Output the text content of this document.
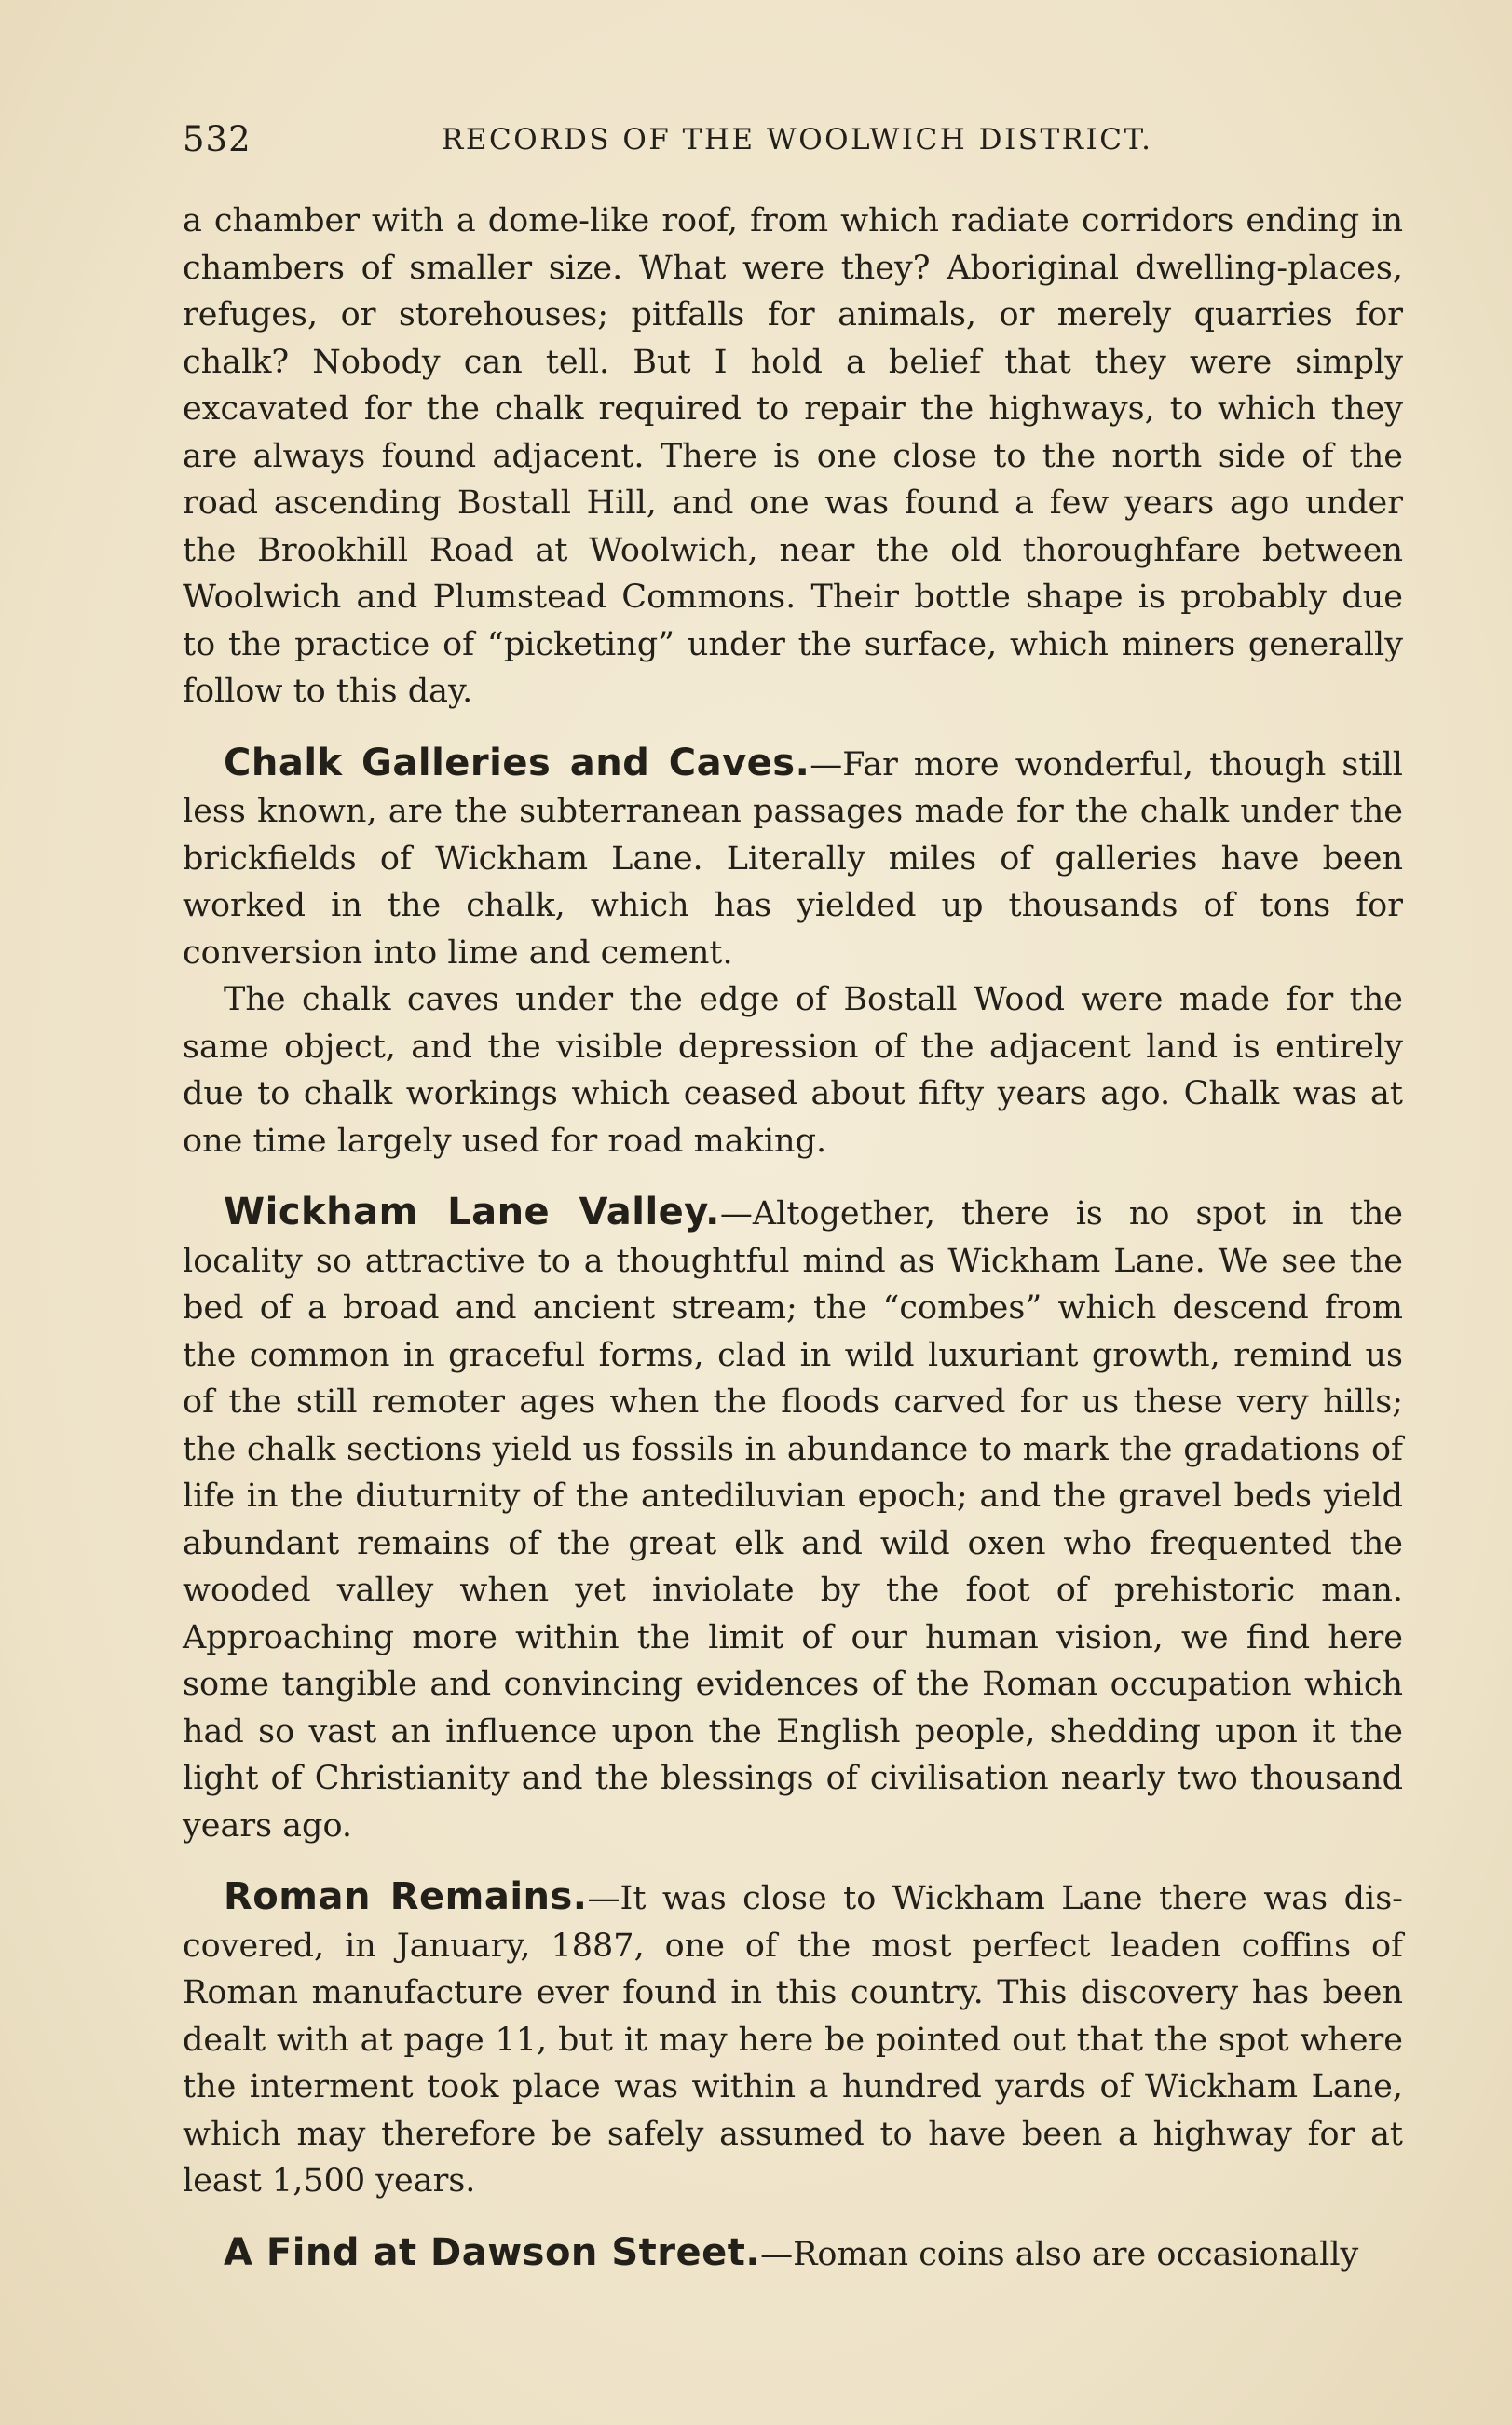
532	RECORDS OF THE WOOLWICH DISTRICT.

a chamber with a dome-like roof, from which radiate corridors ending in chambers of smaller size. What were they? Aboriginal dwelling-places, refuges, or storehouses; pitfalls for animals, or merely quarries for chalk? Nobody can tell. But I hold a belief that they were simply excavated for the chalk required to repair the highways, to which they are always found adjacent. There is one close to the north side of the road ascending Bostall Hill, and one was found a few years ago under the Brookhill Road at Woolwich, near the old thoroughfare between Woolwich and Plumstead Commons. Their bottle shape is probably due to the practice of “picketing” under the surface, which miners generally follow to this day.

Chalk Galleries and Caves.—Far more wonderful, though still less known, are the subterranean passages made for the chalk under the brickfields of Wickham Lane. Literally miles of galleries have been worked in the chalk, which has yielded up thousands of tons for conversion into lime and cement.

The chalk caves under the edge of Bostall Wood were made for the same object, and the visible depression of the adjacent land is entirely due to chalk workings which ceased about fifty years ago. Chalk was at one time largely used for road making.

Wickham Lane Valley.—Altogether, there is no spot in the locality so attractive to a thoughtful mind as Wickham Lane. We see the bed of a broad and ancient stream; the “combes” which descend from the common in graceful forms, clad in wild luxuriant growth, remind us of the still remoter ages when the floods carved for us these very hills; the chalk sections yield us fossils in abundance to mark the gradations of life in the diuturnity of the antediluvian epoch; and the gravel beds yield abundant remains of the great elk and wild oxen who frequented the wooded valley when yet inviolate by the foot of prehistoric man. Approaching more within the limit of our human vision, we find here some tangible and convincing evidences of the Roman occupation which had so vast an influence upon the English people, shedding upon it the light of Christianity and the blessings of civilisation nearly two thousand years ago.

Roman Remains.—It was close to Wickham Lane there was discovered, in January, 1887, one of the most perfect leaden coffins of Roman manufacture ever found in this country. This discovery has been dealt with at page 11, but it may here be pointed out that the spot where the interment took place was within a hundred yards of Wickham Lane, which may therefore be safely assumed to have been a highway for at least 1,500 years.

A Find at Dawson Street.—Roman coins also are occasionally
